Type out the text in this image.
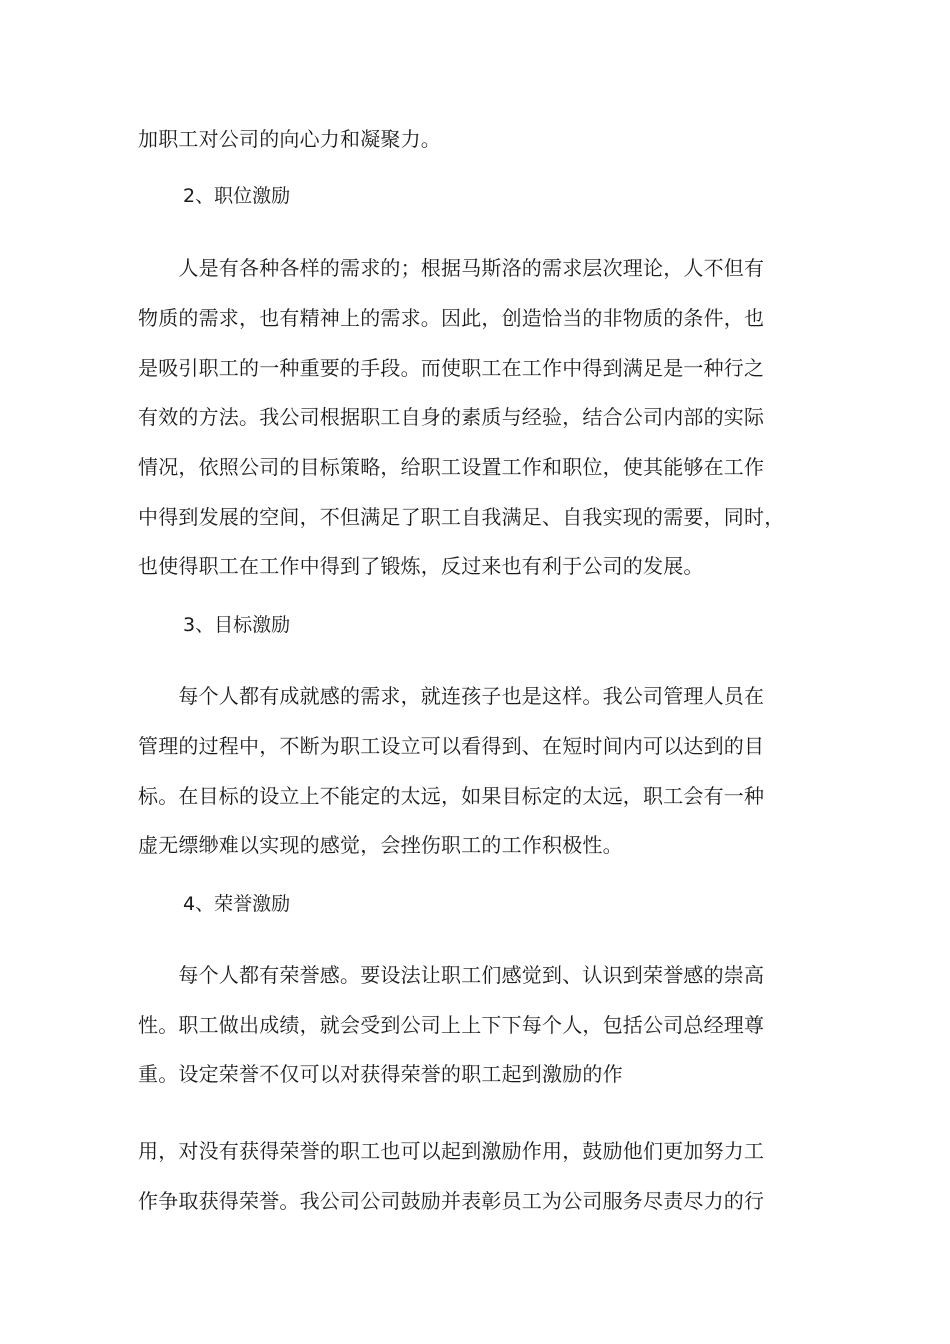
加职工对公司的向心力和凝聚力。
2、职位激励
　　人是有各种各样的需求的；根据马斯洛的需求层次理论，人不但有
物质的需求，也有精神上的需求。因此，创造恰当的非物质的条件，也
是吸引职工的一种重要的手段。而使职工在工作中得到满足是一种行之
有效的方法。我公司根据职工自身的素质与经验，结合公司内部的实际
情况，依照公司的目标策略，给职工设置工作和职位，使其能够在工作
中得到发展的空间，不但满足了职工自我满足、自我实现的需要，同时，
也使得职工在工作中得到了锻炼，反过来也有利于公司的发展。
3、目标激励
　　每个人都有成就感的需求，就连孩子也是这样。我公司管理人员在
管理的过程中，不断为职工设立可以看得到、在短时间内可以达到的目
标。在目标的设立上不能定的太远，如果目标定的太远，职工会有一种
虚无缥缈难以实现的感觉，会挫伤职工的工作积极性。
4、荣誉激励
　　每个人都有荣誉感。要设法让职工们感觉到、认识到荣誉感的崇高
性。职工做出成绩，就会受到公司上上下下每个人，包括公司总经理尊
重。设定荣誉不仅可以对获得荣誉的职工起到激励的作
用，对没有获得荣誉的职工也可以起到激励作用，鼓励他们更加努力工
作争取获得荣誉。我公司公司鼓励并表彰员工为公司服务尽责尽力的行
